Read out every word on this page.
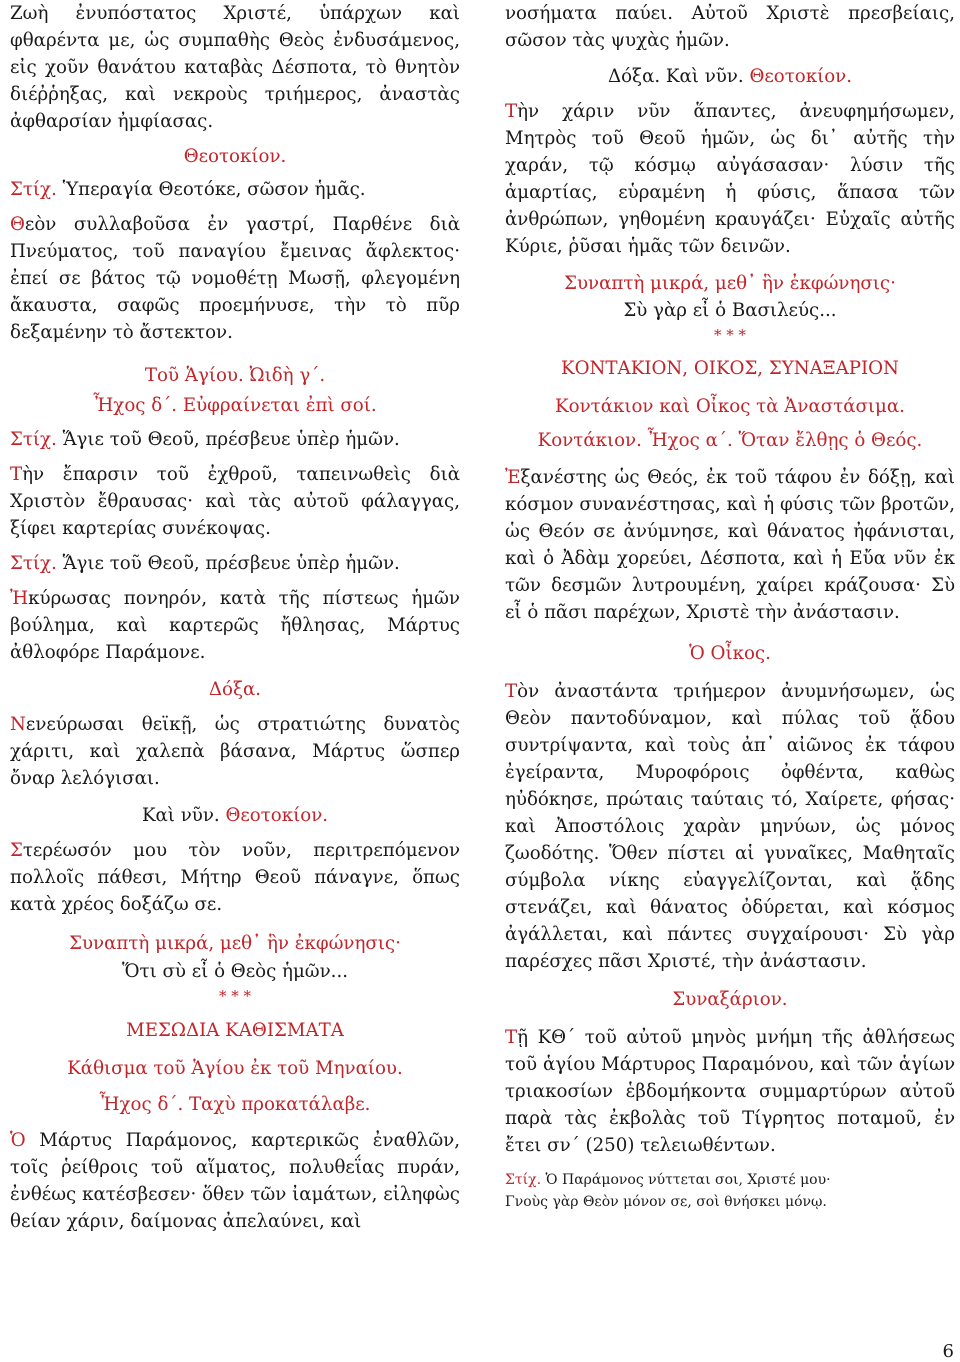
Ζωὴ ἐνυπόστατος Χριστέ, ὑπάρχων καὶ φθαρέντα με, ὡς συμπαθὴς Θεὸς ἐνδυσάμενος, εἰς χοῦν θανάτου καταβὰς Δέσποτα, τὸ θνητὸν διέῤῥηξας, καὶ νεκροὺς τριήμερος, ἀναστὰς ἀφθαρσίαν ἠμφίασας.

Θεοτοκίον.

Στίχ. Ὑπεραγία Θεοτόκε, σῶσον ἡμᾶς.

Θεὸν συλλαβοῦσα ἐν γαστρί, Παρθένε διὰ Πνεύματος, τοῦ παναγίου ἔμεινας ἄφλεκτος· ἐπεί σε βάτος τῷ νομοθέτῃ Μωσῇ, φλεγομένη ἄκαυστα, σαφῶς προεμήνυσε, τὴν τὸ πῦρ δεξαμένην τὸ ἄστεκτον.

Τοῦ Ἁγίου. Ὠιδὴ γ΄.

Ἦχος δ΄. Εὐφραίνεται ἐπὶ σοί.

Στίχ. Ἅγιε τοῦ Θεοῦ, πρέσβευε ὑπὲρ ἡμῶν.

Τὴν ἔπαρσιν τοῦ ἐχθροῦ, ταπεινωθεὶς διὰ Χριστὸν ἔθραυσας· καὶ τὰς αὐτοῦ φάλαγγας, ξίφει καρτερίας συνέκοψας.

Στίχ. Ἅγιε τοῦ Θεοῦ, πρέσβευε ὑπὲρ ἡμῶν.

Ἠκύρωσας πονηρόν, κατὰ τῆς πίστεως ἡμῶν βούλημα, καὶ καρτερῶς ἤθλησας, Μάρτυς ἀθλοφόρε Παράμονε.

Δόξα.

Νενεύρωσαι θεϊκῇ, ὡς στρατιώτης δυνατὸς χάριτι, καὶ χαλεπὰ βάσανα, Μάρτυς ὥσπερ ὄναρ λελόγισαι.

Καὶ νῦν. Θεοτοκίον.

Στερέωσόν μου τὸν νοῦν, περιτρεπόμενον πολλοῖς πάθεσι, Μήτηρ Θεοῦ πάναγνε, ὅπως κατὰ χρέος δοξάζω σε.

Συναπτὴ μικρά, μεθ᾿ ἣν ἐκφώνησις·

Ὅτι σὺ εἶ ὁ Θεὸς ἡμῶν...

* * *

ΜΕΣΩΔΙΑ ΚΑΘΙΣΜΑΤΑ

Κάθισμα τοῦ Ἁγίου ἐκ τοῦ Μηναίου.

Ἦχος δ΄. Ταχὺ προκατάλαβε.

Ὁ Μάρτυς Παράμονος, καρτερικῶς ἐναθλῶν, τοῖς ῥείθροις τοῦ αἵματος, πολυθεΐας πυράν, ἐνθέως κατέσβεσεν· ὅθεν τῶν ἰαμάτων, εἰληφὼς θείαν χάριν, δαίμονας ἀπελαύνει, καὶ

νοσήματα παύει. Αὐτοῦ Χριστὲ πρεσβείαις, σῶσον τὰς ψυχὰς ἡμῶν.

Δόξα. Καὶ νῦν. Θεοτοκίον.

Τὴν χάριν νῦν ἅπαντες, ἀνευφημήσωμεν, Μητρὸς τοῦ Θεοῦ ἡμῶν, ὡς δι᾿ αὐτῆς τὴν χαράν, τῷ κόσμῳ αὐγάσασαν· λύσιν τῆς ἁμαρτίας, εὑραμένη ἡ φύσις, ἅπασα τῶν ἀνθρώπων, γηθομένη κραυγάζει· Εὐχαῖς αὐτῆς Κύριε, ῥῦσαι ἡμᾶς τῶν δεινῶν.

Συναπτὴ μικρά, μεθ᾿ ἣν ἐκφώνησις·

Σὺ γὰρ εἶ ὁ Βασιλεύς...

* * *

ΚΟΝΤΑΚΙΟΝ, ΟΙΚΟΣ, ΣΥΝΑΞΑΡΙΟΝ

Κοντάκιον καὶ Οἶκος τὰ Ἀναστάσιμα.

Κοντάκιον. Ἦχος α΄. Ὅταν ἔλθῃς ὁ Θεός.

Ἐξανέστης ὡς Θεός, ἐκ τοῦ τάφου ἐν δόξῃ, καὶ κόσμον συνανέστησας, καὶ ἡ φύσις τῶν βροτῶν, ὡς Θεόν σε ἀνύμνησε, καὶ θάνατος ἠφάνισται, καὶ ὁ Ἀδὰμ χορεύει, Δέσποτα, καὶ ἡ Εὔα νῦν ἐκ τῶν δεσμῶν λυτρουμένη, χαίρει κράζουσα· Σὺ εἶ ὁ πᾶσι παρέχων, Χριστὲ τὴν ἀνάστασιν.

Ὁ Οἶκος.

Τὸν ἀναστάντα τριήμερον ἀνυμνήσωμεν, ὡς Θεὸν παντοδύναμον, καὶ πύλας τοῦ ᾅδου συντρίψαντα, καὶ τοὺς ἀπ᾿ αἰῶνος ἐκ τάφου ἐγείραντα, Μυροφόροις ὀφθέντα, καθὼς ηὐδόκησε, πρώταις ταύταις τό, Χαίρετε, φήσας· καὶ Ἀποστόλοις χαρὰν μηνύων, ὡς μόνος ζωοδότης. Ὅθεν πίστει αἱ γυναῖκες, Μαθηταῖς σύμβολα νίκης εὐαγγελίζονται, καὶ ᾅδης στενάζει, καὶ θάνατος ὀδύρεται, καὶ κόσμος ἀγάλλεται, καὶ πάντες συγχαίρουσι· Σὺ γὰρ παρέσχες πᾶσι Χριστέ, τὴν ἀνάστασιν.

Συναξάριον.

Τῇ ΚΘ΄ τοῦ αὐτοῦ μηνὸς μνήμη τῆς ἀθλήσεως τοῦ ἁγίου Μάρτυρος Παραμόνου, καὶ τῶν ἁγίων τριακοσίων ἑβδομήκοντα συμμαρτύρων αὐτοῦ παρὰ τὰς ἐκβολὰς τοῦ Τίγρητος ποταμοῦ, ἐν ἔτει σν΄ (250) τελειωθέντων.

Στίχ. Ὁ Παράμονος νύττεται σοι, Χριστέ μου·

Γνοὺς γὰρ Θεὸν μόνον σε, σοὶ θνήσκει μόνῳ.

6
